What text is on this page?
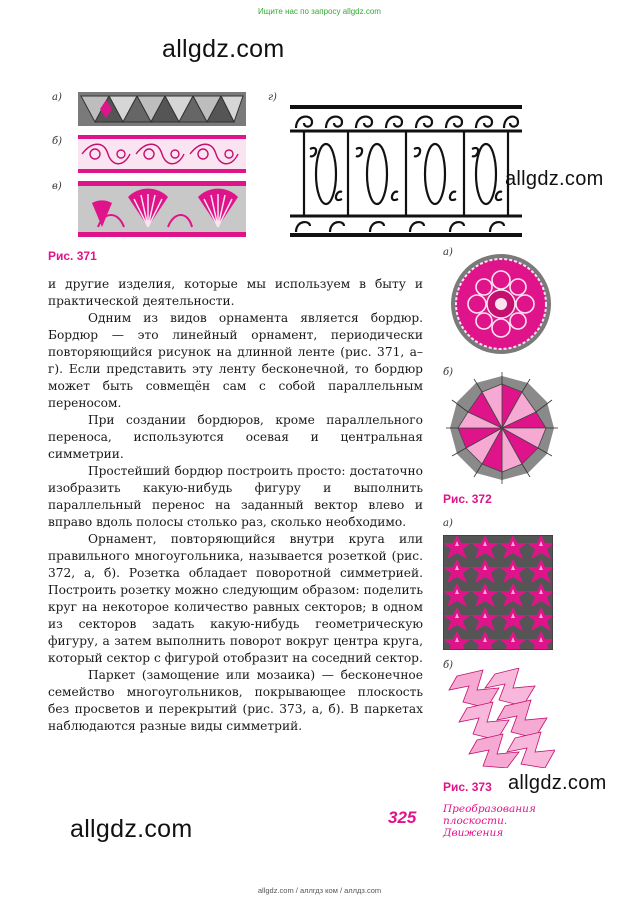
Ищите нас по запросу allgdz.com
allgdz.com
allgdz.com
allgdz.com
allgdz.com
а)
б)
в)
г)
Рис. 371

и другие изделия, которые мы используем в быту и практической деятельности.

Одним из видов орнамента является бордюр. Бордюр — это линейный орнамент, периодически повторяющийся рисунок на длинной ленте (рис. 371, а–г). Если представить эту ленту бесконечной, то бордюр может быть совмещён сам с собой параллельным переносом.

При создании бордюров, кроме параллельного переноса, используются осевая и центральная симметрии.

Простейший бордюр построить просто: достаточно изобразить какую-нибудь фигуру и выполнить параллельный перенос на заданный вектор влево и вправо вдоль полосы столько раз, сколько необходимо.

Орнамент, повторяющийся внутри круга или правильного многоугольника, называется розеткой (рис. 372, а, б). Розетка обладает поворотной симметрией. Построить розетку можно следующим образом: поделить круг на некоторое количество равных секторов; в одном из секторов задать какую-нибудь геометрическую фигуру, а затем выполнить поворот вокруг центра круга, который сектор с фигурой отобразит на соседний сектор.

Паркет (замощение или мозаика) — бесконечное семейство многоугольников, покрывающее плоскость без просветов и перекрытий (рис. 373, а, б). В паркетах наблюдаются разные виды симметрий.

а)
б)
Рис. 372
а)
б)
Рис. 373
325	Преобразования
плоскости.
Движения
allgdz.com / аллгдз ком / аллдз.com
